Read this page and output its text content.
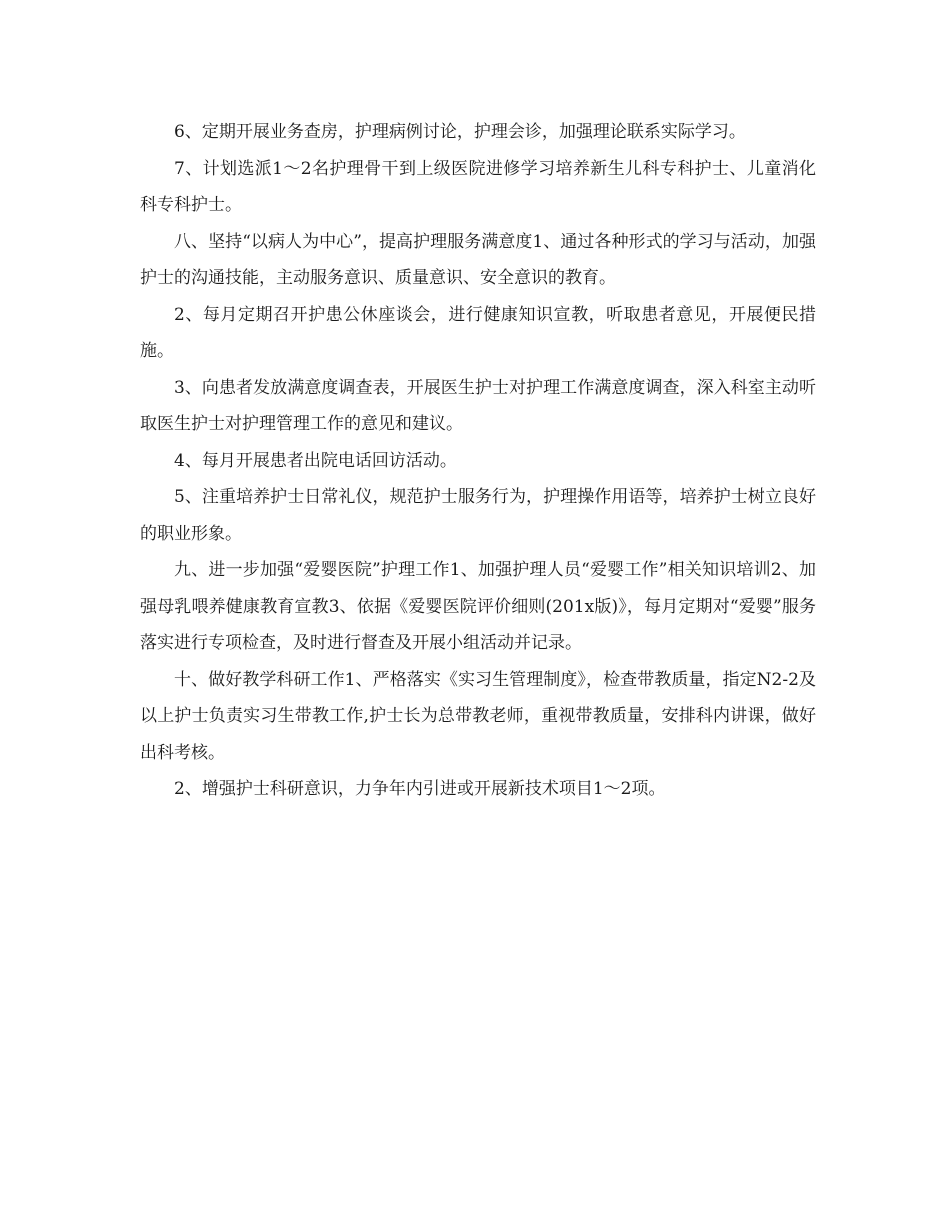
6、定期开展业务查房，护理病例讨论，护理会诊，加强理论联系实际学习。

7、计划选派1～2名护理骨干到上级医院进修学习培养新生儿科专科护士、儿童消化科专科护士。

八、坚持“以病人为中心”，提高护理服务满意度1、通过各种形式的学习与活动，加强护士的沟通技能，主动服务意识、质量意识、安全意识的教育。

2、每月定期召开护患公休座谈会，进行健康知识宣教，听取患者意见，开展便民措施。

3、向患者发放满意度调查表，开展医生护士对护理工作满意度调查，深入科室主动听取医生护士对护理管理工作的意见和建议。

4、每月开展患者出院电话回访活动。

5、注重培养护士日常礼仪，规范护士服务行为，护理操作用语等，培养护士树立良好的职业形象。

九、进一步加强“爱婴医院”护理工作1、加强护理人员“爱婴工作”相关知识培训2、加强母乳喂养健康教育宣教3、依据《爱婴医院评价细则(201x版)》，每月定期对“爱婴”服务落实进行专项检查，及时进行督查及开展小组活动并记录。

十、做好教学科研工作1、严格落实《实习生管理制度》，检查带教质量，指定N2-2及以上护士负责实习生带教工作,护士长为总带教老师，重视带教质量，安排科内讲课，做好出科考核。

2、增强护士科研意识，力争年内引进或开展新技术项目1～2项。
